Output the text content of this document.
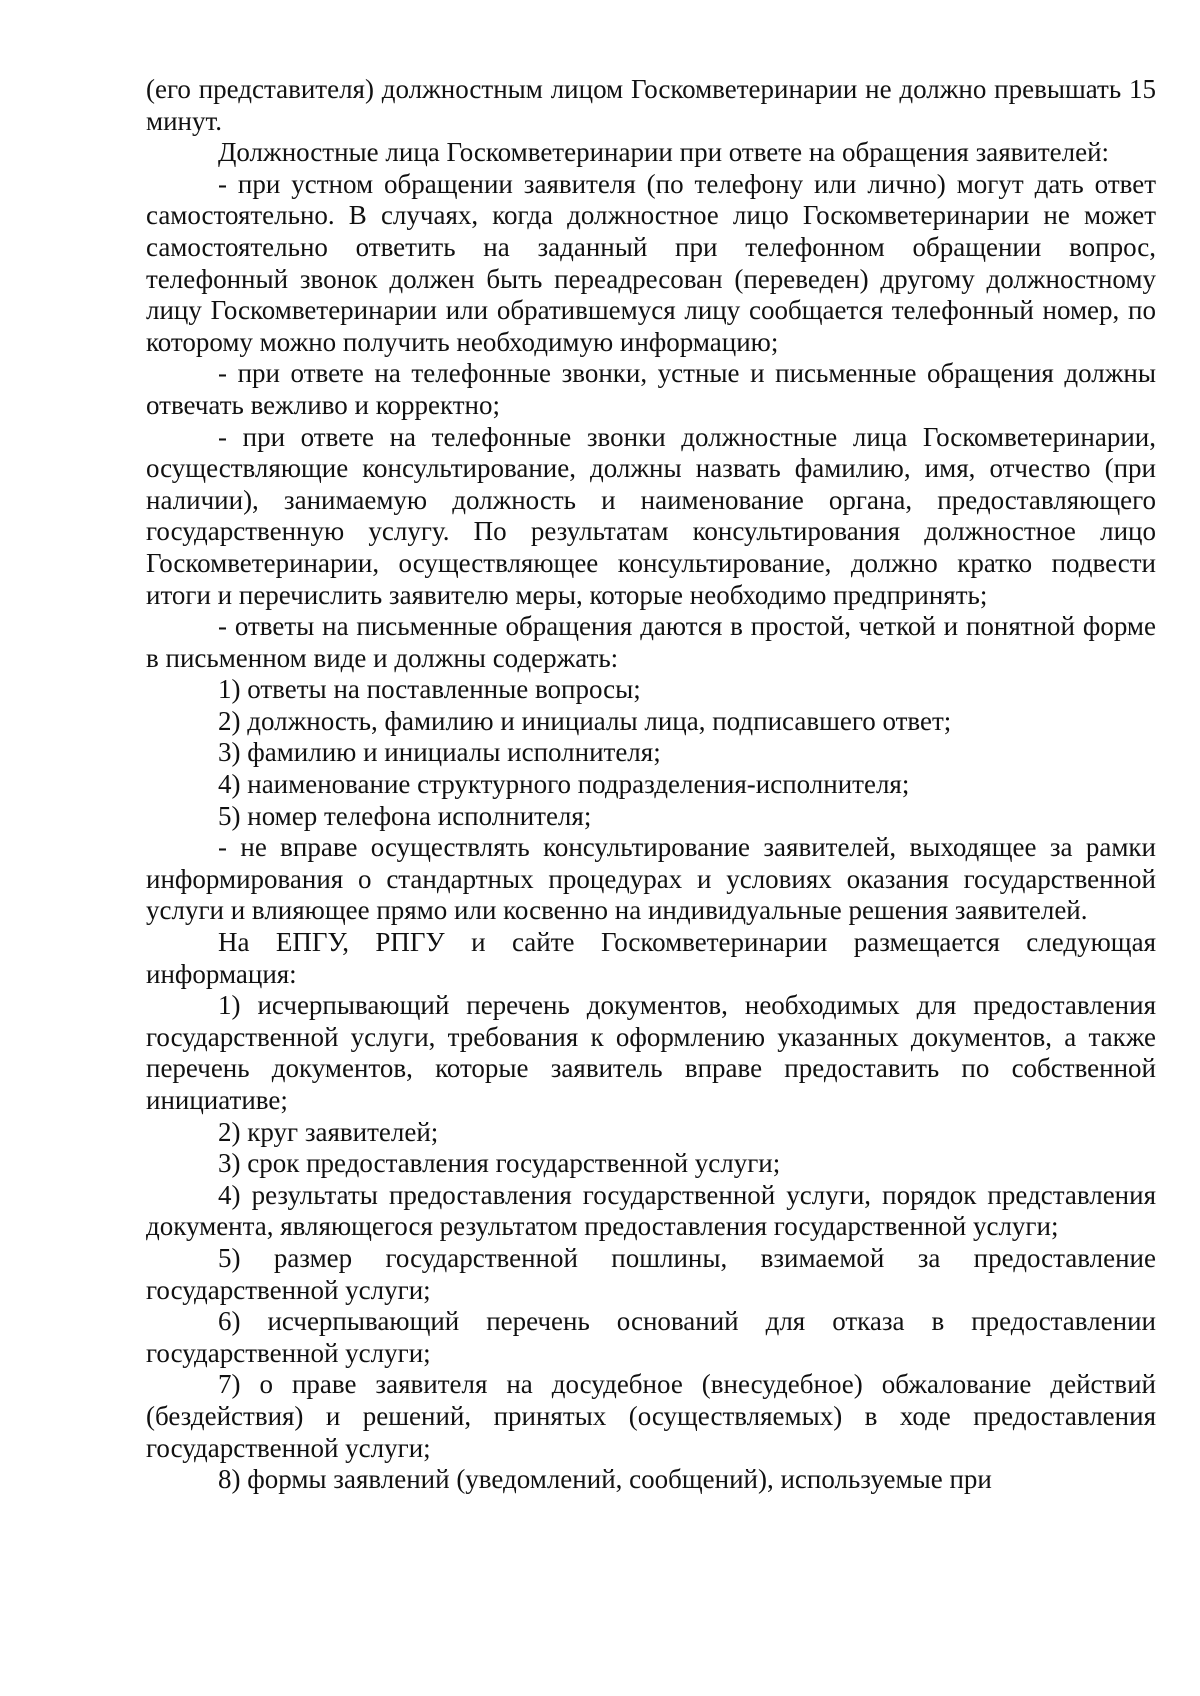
(его представителя) должностным лицом Госкомветеринарии не должно превышать 15 минут.

Должностные лица Госкомветеринарии при ответе на обращения заявителей:

- при устном обращении заявителя (по телефону или лично) могут дать ответ самостоятельно. В случаях, когда должностное лицо Госкомветеринарии не может самостоятельно ответить на заданный при телефонном обращении вопрос, телефонный звонок должен быть переадресован (переведен) другому должностному лицу Госкомветеринарии или обратившемуся лицу сообщается телефонный номер, по которому можно получить необходимую информацию;

- при ответе на телефонные звонки, устные и письменные обращения должны отвечать вежливо и корректно;

- при ответе на телефонные звонки должностные лица Госкомветеринарии, осуществляющие консультирование, должны назвать фамилию, имя, отчество (при наличии), занимаемую должность и наименование органа, предоставляющего государственную услугу. По результатам консультирования должностное лицо Госкомветеринарии, осуществляющее консультирование, должно кратко подвести итоги и перечислить заявителю меры, которые необходимо предпринять;

- ответы на письменные обращения даются в простой, четкой и понятной форме в письменном виде и должны содержать:

1) ответы на поставленные вопросы;

2) должность, фамилию и инициалы лица, подписавшего ответ;

3) фамилию и инициалы исполнителя;

4) наименование структурного подразделения-исполнителя;

5) номер телефона исполнителя;

- не вправе осуществлять консультирование заявителей, выходящее за рамки информирования о стандартных процедурах и условиях оказания государственной услуги и влияющее прямо или косвенно на индивидуальные решения заявителей.

На ЕПГУ, РПГУ и сайте Госкомветеринарии размещается следующая информация:

1) исчерпывающий перечень документов, необходимых для предоставления государственной услуги, требования к оформлению указанных документов, а также перечень документов, которые заявитель вправе предоставить по собственной инициативе;

2) круг заявителей;

3) срок предоставления государственной услуги;

4) результаты предоставления государственной услуги, порядок представления документа, являющегося результатом предоставления государственной услуги;

5) размер государственной пошлины, взимаемой за предоставление государственной услуги;

6) исчерпывающий перечень оснований для отказа в предоставлении государственной услуги;

7) о праве заявителя на досудебное (внесудебное) обжалование действий (бездействия) и решений, принятых (осуществляемых) в ходе предоставления государственной услуги;

8) формы заявлений (уведомлений, сообщений), используемые при
